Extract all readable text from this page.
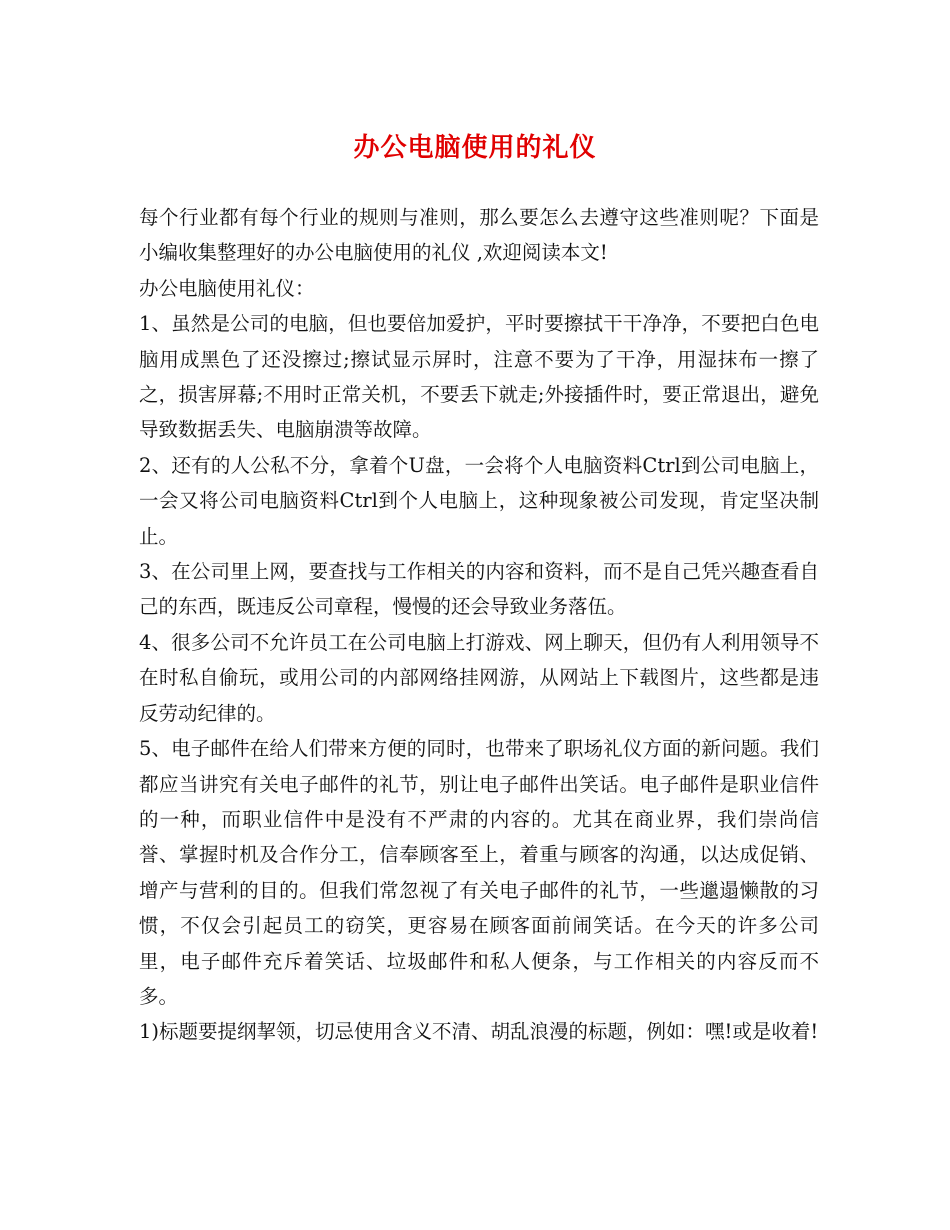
办公电脑使用的礼仪

每个行业都有每个行业的规则与准则，那么要怎么去遵守这些准则呢？下面是小编收集整理好的办公电脑使用的礼仪 ,欢迎阅读本文!

办公电脑使用礼仪：

1、虽然是公司的电脑，但也要倍加爱护，平时要擦拭干干净净，不要把白色电脑用成黑色了还没擦过;擦试显示屏时，注意不要为了干净，用湿抹布一擦了之，损害屏幕;不用时正常关机，不要丢下就走;外接插件时，要正常退出，避免导致数据丢失、电脑崩溃等故障。

2、还有的人公私不分，拿着个U盘，一会将个人电脑资料Ctrl到公司电脑上，一会又将公司电脑资料Ctrl到个人电脑上，这种现象被公司发现，肯定坚决制止。

3、在公司里上网，要查找与工作相关的内容和资料，而不是自己凭兴趣查看自己的东西，既违反公司章程，慢慢的还会导致业务落伍。

4、很多公司不允许员工在公司电脑上打游戏、网上聊天，但仍有人利用领导不在时私自偷玩，或用公司的内部网络挂网游，从网站上下载图片，这些都是违反劳动纪律的。

5、电子邮件在给人们带来方便的同时，也带来了职场礼仪方面的新问题。我们都应当讲究有关电子邮件的礼节，别让电子邮件出笑话。电子邮件是职业信件的一种，而职业信件中是没有不严肃的内容的。尤其在商业界，我们崇尚信誉、掌握时机及合作分工，信奉顾客至上，着重与顾客的沟通，以达成促销、增产与营利的目的。但我们常忽视了有关电子邮件的礼节，一些邋遢懒散的习惯，不仅会引起员工的窃笑，更容易在顾客面前闹笑话。在今天的许多公司里，电子邮件充斥着笑话、垃圾邮件和私人便条，与工作相关的内容反而不多。

1)标题要提纲挈领，切忌使用含义不清、胡乱浪漫的标题，例如：嘿!或是收着!
